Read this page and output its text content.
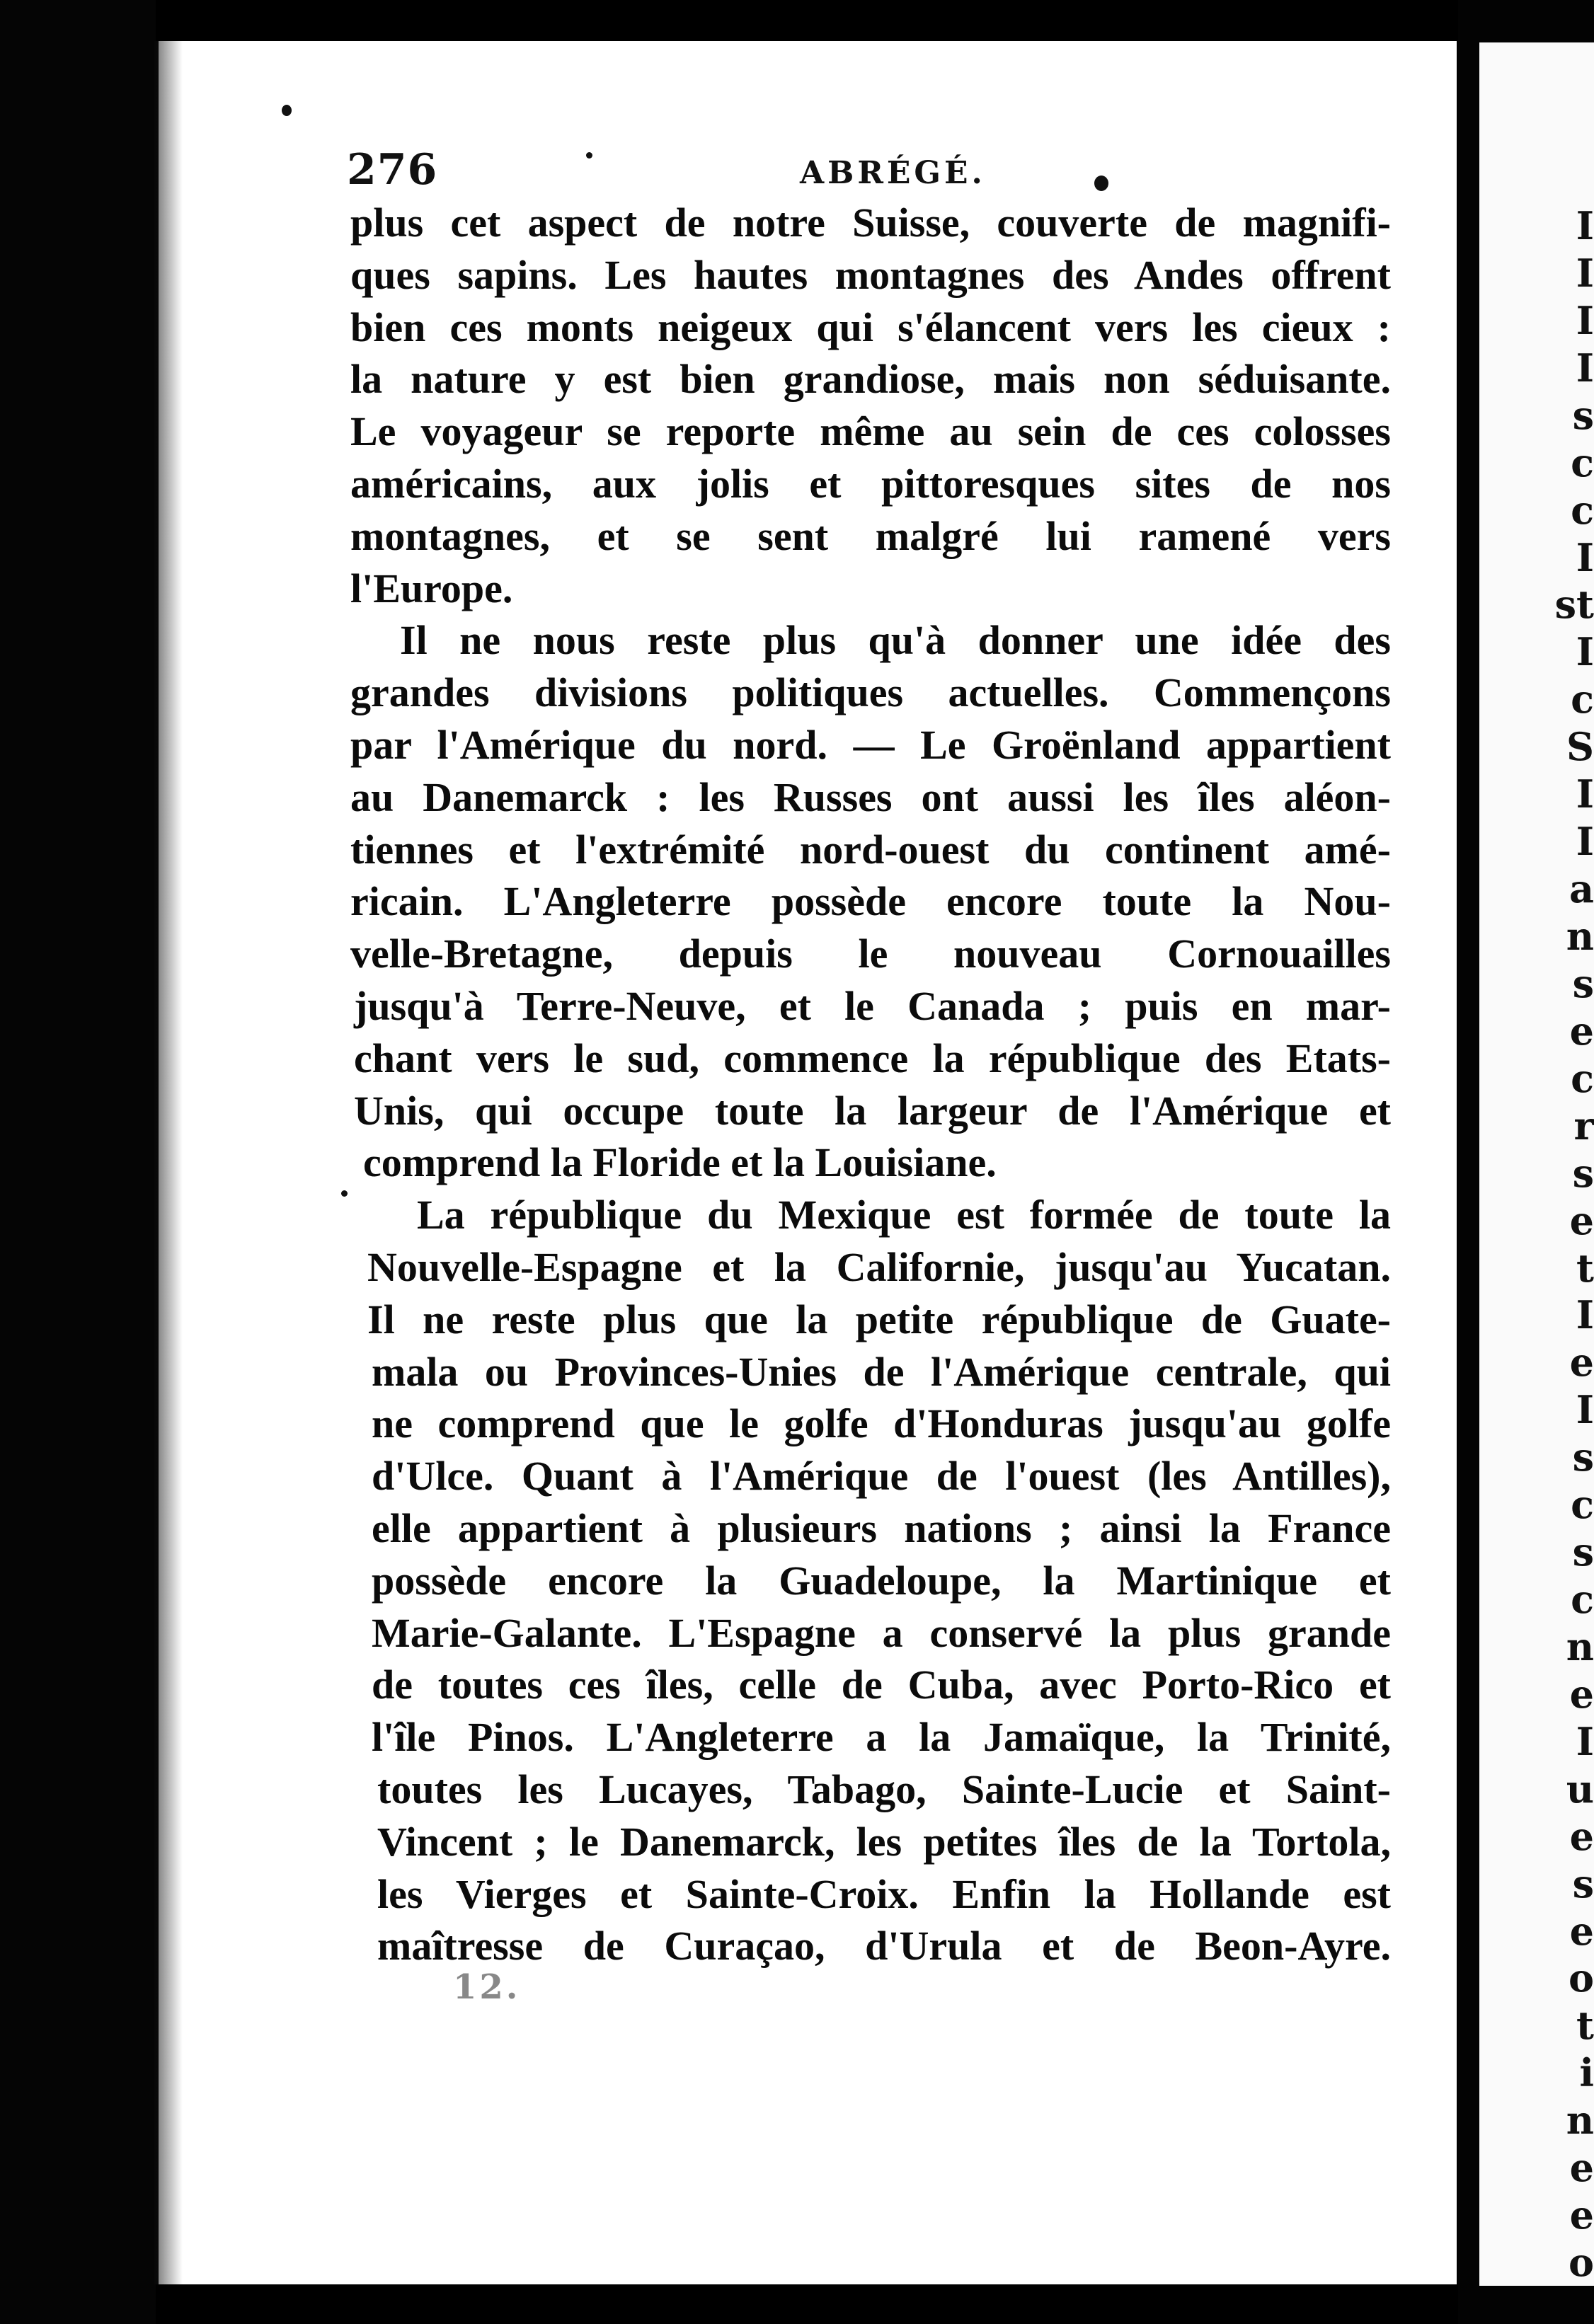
I
I
I
I
s
c
c
I
st
I
c
S
I
I
a
n
s
e
c
r
s
e
t
I
e
I
s
c
s
c
n
e
I
u
e
s
e
o
t
i
n
e
e
o
276	ABRÉGÉ.
plus cet aspect de notre Suisse, couverte de magnifi-
ques sapins. Les hautes montagnes des Andes offrent
bien ces monts neigeux qui s'élancent vers les cieux :
la nature y est bien grandiose, mais non séduisante.
Le voyageur se reporte même au sein de ces colosses
américains, aux jolis et pittoresques sites de nos
montagnes, et se sent malgré lui ramené vers
l'Europe.
Il ne nous reste plus qu'à donner une idée des
grandes divisions politiques actuelles. Commençons
par l'Amérique du nord. — Le Groënland appartient
au Danemarck : les Russes ont aussi les îles aléon-
tiennes et l'extrémité nord-ouest du continent amé-
ricain. L'Angleterre possède encore toute la Nou-
velle-Bretagne, depuis le nouveau Cornouailles
jusqu'à Terre-Neuve, et le Canada ; puis en mar-
chant vers le sud, commence la république des Etats-
Unis, qui occupe toute la largeur de l'Amérique et
comprend la Floride et la Louisiane.
La république du Mexique est formée de toute la
Nouvelle-Espagne et la Californie, jusqu'au Yucatan.
Il ne reste plus que la petite république de Guate-
mala ou Provinces-Unies de l'Amérique centrale, qui
ne comprend que le golfe d'Honduras jusqu'au golfe
d'Ulce. Quant à l'Amérique de l'ouest (les Antilles),
elle appartient à plusieurs nations ; ainsi la France
possède encore la Guadeloupe, la Martinique et
Marie-Galante. L'Espagne a conservé la plus grande
de toutes ces îles, celle de Cuba, avec Porto-Rico et
l'île Pinos. L'Angleterre a la Jamaïque, la Trinité,
toutes les Lucayes, Tabago, Sainte-Lucie et Saint-
Vincent ; le Danemarck, les petites îles de la Tortola,
les Vierges et Sainte-Croix. Enfin la Hollande est
maîtresse de Curaçao, d'Urula et de Beon-Ayre.
12.
